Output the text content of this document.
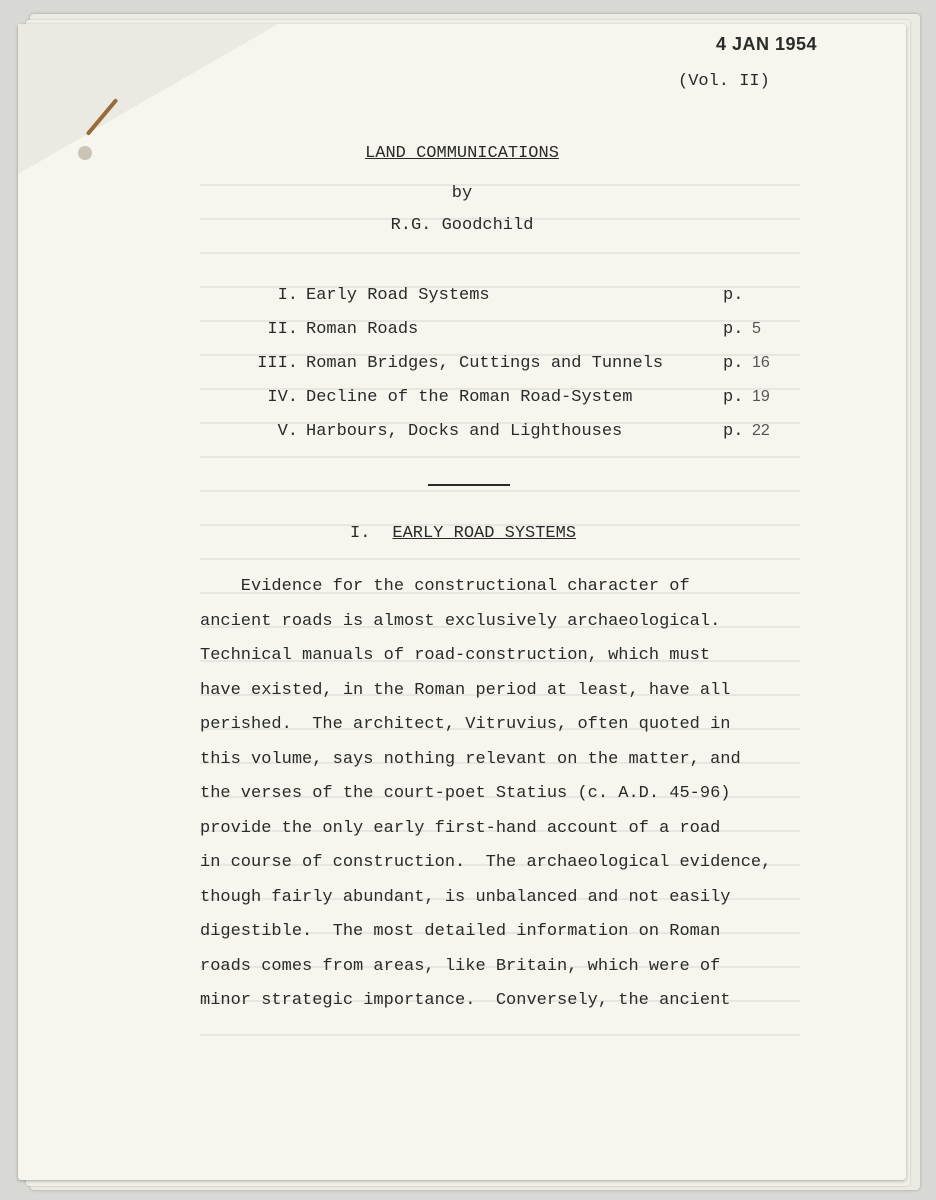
4 JAN 1954
(Vol. II)
LAND COMMUNICATIONS
by
R.G. Goodchild
I. Early Road Systems	p.
II. Roman Roads	p. 5
III. Roman Bridges, Cuttings and Tunnels	p. 16
IV. Decline of the Roman Road-System	p. 19
V. Harbours, Docks and Lighthouses	p. 22
I. EARLY ROAD SYSTEMS
Evidence for the constructional character of
ancient roads is almost exclusively archaeological.
Technical manuals of road-construction, which must
have existed, in the Roman period at least, have all
perished.  The architect, Vitruvius, often quoted in
this volume, says nothing relevant on the matter, and
the verses of the court-poet Statius (c. A.D. 45-96)
provide the only early first-hand account of a road
in course of construction.  The archaeological evidence,
though fairly abundant, is unbalanced and not easily
digestible.  The most detailed information on Roman
roads comes from areas, like Britain, which were of
minor strategic importance.  Conversely, the ancient
